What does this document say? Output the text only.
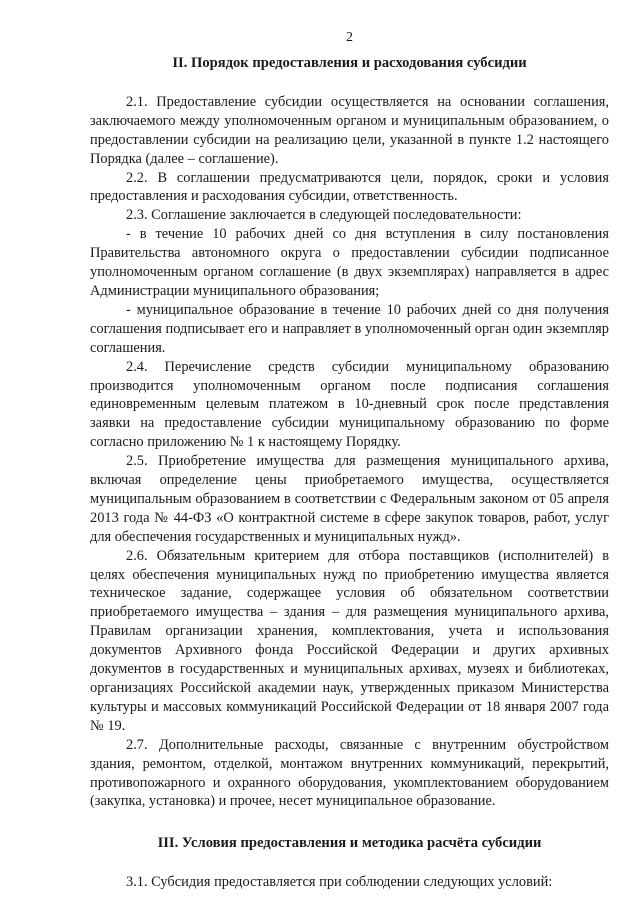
2
II. Порядок предоставления и расходования субсидии

2.1. Предоставление субсидии осуществляется на основании соглашения, заключаемого между уполномоченным органом и муниципальным образованием, о предоставлении субсидии на реализацию цели, указанной в пункте 1.2 настоящего Порядка (далее – соглашение).

2.2. В соглашении предусматриваются цели, порядок, сроки и условия предоставления и расходования субсидии, ответственность.

2.3. Соглашение заключается в следующей последовательности:

- в течение 10 рабочих дней со дня вступления в силу постановления Правительства автономного округа о предоставлении субсидии подписанное уполномоченным органом соглашение (в двух экземплярах) направляется в адрес Администрации муниципального образования;

- муниципальное образование в течение 10 рабочих дней со дня получения соглашения подписывает его и направляет в уполномоченный орган один экземпляр соглашения.

2.4. Перечисление средств субсидии муниципальному образованию производится уполномоченным органом после подписания соглашения единовременным целевым платежом в 10-дневный срок после представления заявки на предоставление субсидии муниципальному образованию по форме согласно приложению № 1 к настоящему Порядку.

2.5. Приобретение имущества для размещения муниципального архива, включая определение цены приобретаемого имущества, осуществляется муниципальным образованием в соответствии с Федеральным законом от 05 апреля 2013 года № 44-ФЗ «О контрактной системе в сфере закупок товаров, работ, услуг для обеспечения государственных и муниципальных нужд».

2.6. Обязательным критерием для отбора поставщиков (исполнителей) в целях обеспечения муниципальных нужд по приобретению имущества является техническое задание, содержащее условия об обязательном соответствии приобретаемого имущества – здания – для размещения муниципального архива, Правилам организации хранения, комплектования, учета и использования документов Архивного фонда Российской Федерации и других архивных документов в государственных и муниципальных архивах, музеях и библиотеках, организациях Российской академии наук, утвержденных приказом Министерства культуры и массовых коммуникаций Российской Федерации от 18 января 2007 года № 19.

2.7. Дополнительные расходы, связанные с внутренним обустройством здания, ремонтом, отделкой, монтажом внутренних коммуникаций, перекрытий, противопожарного и охранного оборудования, укомплектованием оборудованием (закупка, установка) и прочее, несет муниципальное образование.

III. Условия предоставления и методика расчёта субсидии

3.1. Субсидия предоставляется при соблюдении следующих условий:
